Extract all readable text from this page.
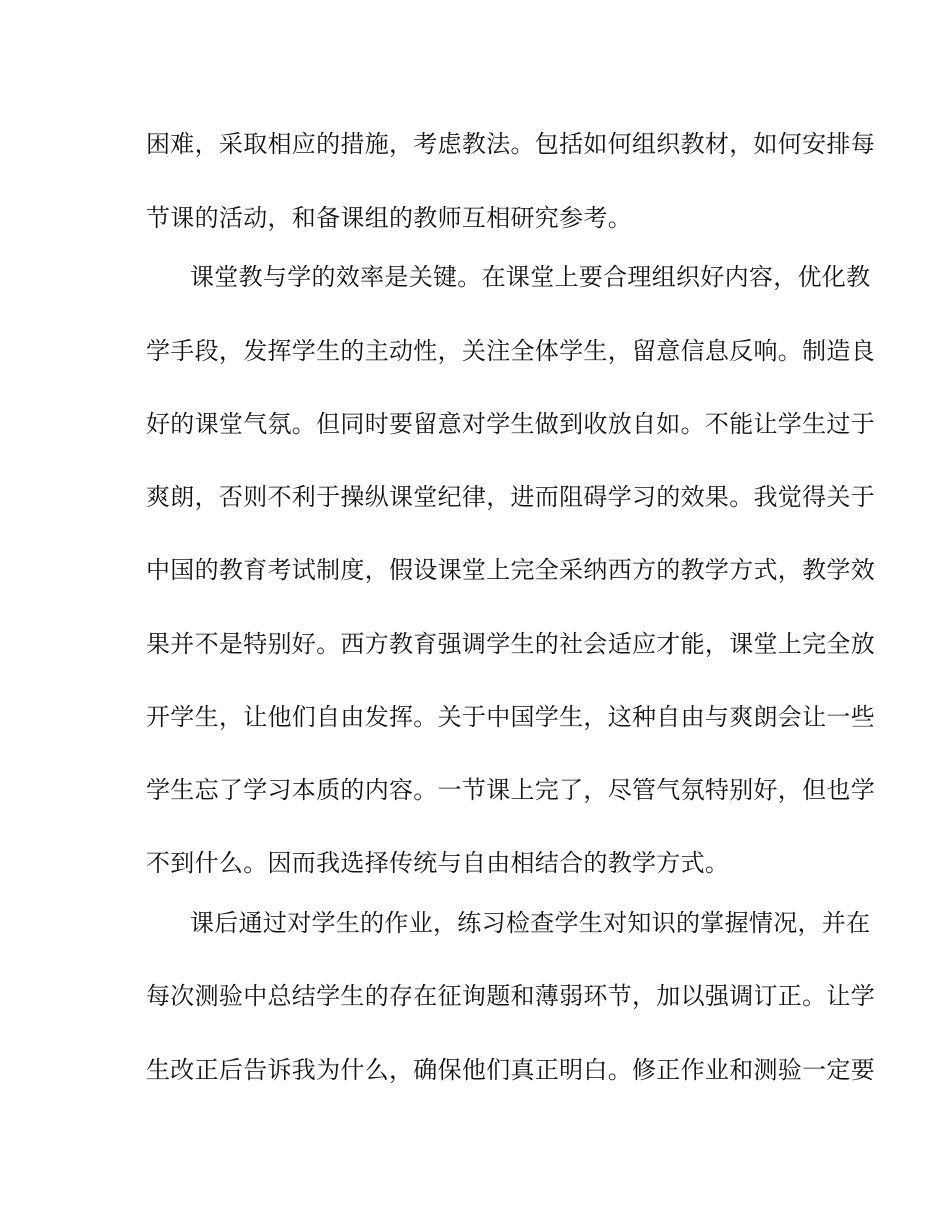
困难，采取相应的措施，考虑教法。包括如何组织教材，如何安排每
节课的活动，和备课组的教师互相研究参考。
课堂教与学的效率是关键。在课堂上要合理组织好内容，优化教
学手段，发挥学生的主动性，关注全体学生，留意信息反响。制造良
好的课堂气氛。但同时要留意对学生做到收放自如。不能让学生过于
爽朗，否则不利于操纵课堂纪律，进而阻碍学习的效果。我觉得关于
中国的教育考试制度，假设课堂上完全采纳西方的教学方式，教学效
果并不是特别好。西方教育强调学生的社会适应才能，课堂上完全放
开学生，让他们自由发挥。关于中国学生，这种自由与爽朗会让一些
学生忘了学习本质的内容。一节课上完了，尽管气氛特别好，但也学
不到什么。因而我选择传统与自由相结合的教学方式。
课后通过对学生的作业，练习检查学生对知识的掌握情况，并在
每次测验中总结学生的存在征询题和薄弱环节，加以强调订正。让学
生改正后告诉我为什么，确保他们真正明白。修正作业和测验一定要
